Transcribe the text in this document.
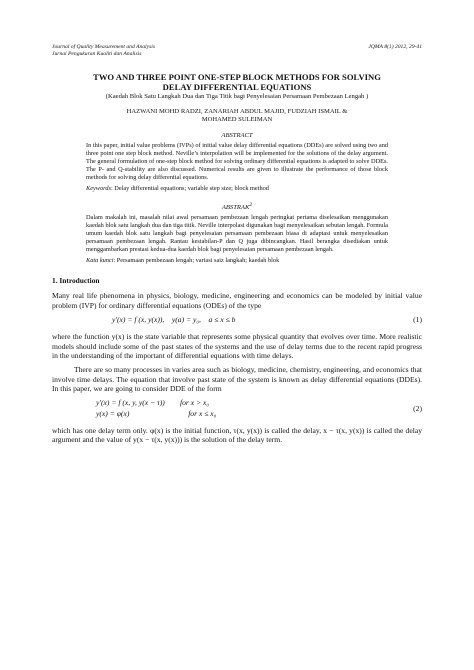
Journal of Quality Measurement and Analysis
Jurnal Pengukuran Kualiti dan Analisis
JQMA 8(1) 2012, 29-41
TWO AND THREE POINT ONE-STEP BLOCK METHODS FOR SOLVING
DELAY DIFFERENTIAL EQUATIONS
(Kaedah Blok Satu Langkah Dua dan Tiga Titik bagi Penyelesaian Persamaan Pembezaan Lengah )
HAZWANI MOHD RADZI, ZANARIAH ABDUL MAJID, FUDZIAH ISMAIL &
MOHAMED SULEIMAN
ABSTRACT
In this paper, initial value problems (IVPs) of initial value delay differential equations (DDEs) are solved using two and three point one step block method. Neville’s interpolation will be implemented for the solutions of the delay argument. The general formulation of one-step block method for solving ordinary differential equations is adapted to solve DDEs. The P- and Q-stability are also discussed. Numerical results are given to illustrate the performance of those block methods for solving delay differential equations.
Keywords: Delay differential equations; variable step size; block method
ABSTRAK$^2$
Dalam makalah ini, masalah nilai awal persamaan pembezaan lengah peringkat pertama diselesaikan menggunakan kaedah blok satu langkah dua dan tiga titik. Neville interpolasi digunakan bagi menyelesaikan sebutan lengah. Formula umum kaedah blok satu langkah bagi penyelesaian persamaan pembezaan biasa di adaptasi untuk menyelesaikan persamaan pembezaan lengah. Rantau kestabilan-P dan Q juga dibincangkan. Hasil berangka disediakan untuk menggambarkan prestasi kedua-dua kaedah blok bagi penyelesaian persamaan pembezaan lengah.
Kata kunci: Persamaan pembezaan lengah; variasi saiz langkah; kaedah blok
1. Introduction

Many real life phenomena in physics, biology, medicine, engineering and economics can be modeled by initial value problem (IVP) for ordinary differential equations (ODEs) of the type

y′(x) = f (x, y(x)),    y(a) = y₀,    a ≤ x ≤ b	(1)

where the function y(x) is the state variable that represents some physical quantity that evolves over time. More realistic models should include some of the past states of the systems and the use of delay terms due to the recent rapid progress in the understanding of the important of differential equations with time delays.

There are so many processes in varies area such as biology, medicine, chemistry, engineering, and economics that involve time delays. The equation that involve past state of the system is known as delay differential equations (DDEs). In this paper, we are going to consider DDE of the form

y′(x) = f (x, y, y(x − τ))        for x > x₀
y(x) = φ(x)                               for x ≤ x₀
(2)

which has one delay term only. φ(x) is the initial function, τ(x, y(x)) is called the delay, x − τ(x, y(x)) is called the delay argument and the value of y(x − τ(x, y(x))) is the solution of the delay term.
